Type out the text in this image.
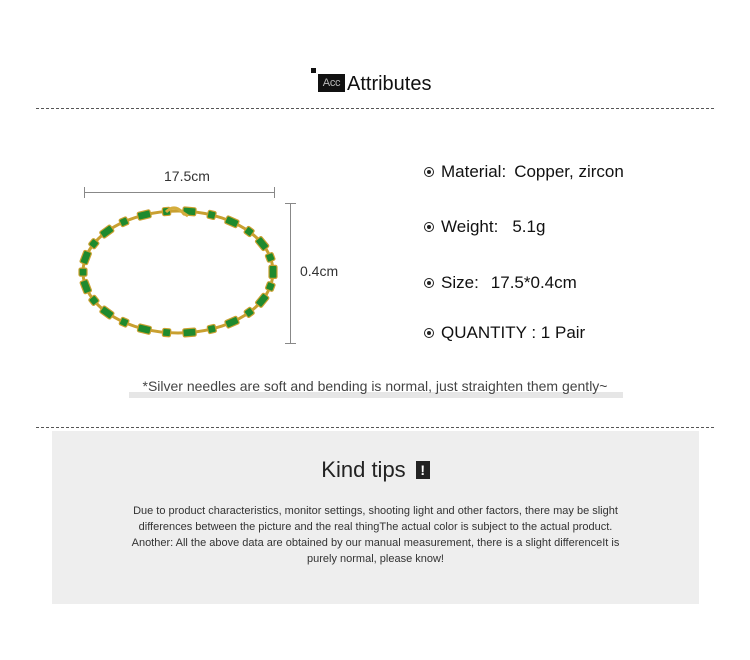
Acc Attributes
17.5cm
0.4cm
Material: Copper, zircon
Weight: 5.1g
Size: 17.5*0.4cm
QUANTITY : 1 Pair
*Silver needles are soft and bending is normal, just straighten them gently~
Kind tips	!
Due to product characteristics, monitor settings, shooting light and other factors, there may be slight
differences between the picture and the real thingThe actual color is subject to the actual product.
Another: All the above data are obtained by our manual measurement, there is a slight differenceIt is
purely normal, please know!
